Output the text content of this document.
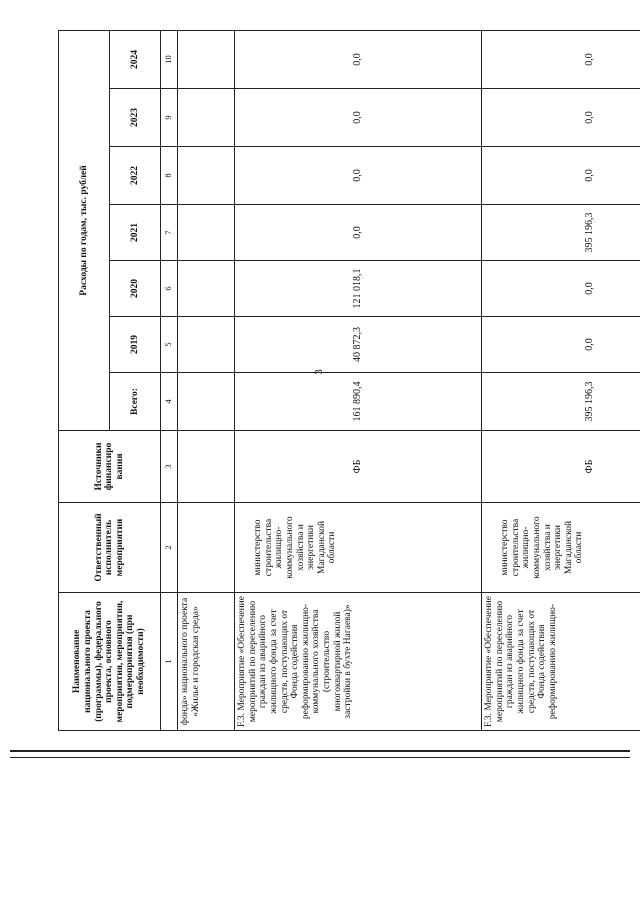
3
Наименование национального проекта (программы), федерального проекта, основного мероприятия, мероприятия, подмероприятия (при необходимости)	Ответственный исполнитель мероприятия	Источники финансиро вания	Расходы по годам, тыс. рублей						
			Всего:	2019	2020	2021	2022	2023	2024
1	2	3	4	5	6	7	8	9	10
фонда» национального проекта «Жилье и городская среда»									
F.3. Мероприятие «Обеспечение мероприятий по переселению граждан из аварийного жилищного фонда за счет средств, поступающих от Фонда содействия реформированию жилищно-коммунального хозяйства (строительство многоквартирной жилой застройки в бухте Нагаева)»	министерство строительства жилищно-коммунального хозяйства и энергетики Магаданской области	ФБ	161 890,4	40 872,3	121 018,1	0,0	0,0	0,0	0,0
F.3. Мероприятие «Обеспечение мероприятий по переселению граждан из аварийного жилищного фонда за счет средств, поступающих от Фонда содействия реформированию жилищно-	министерство строительства жилищно-коммунального хозяйства и энергетики Магаданской области	ФБ	395 196,3	0,0	0,0	395 196,3	0,0	0,0	0,0
